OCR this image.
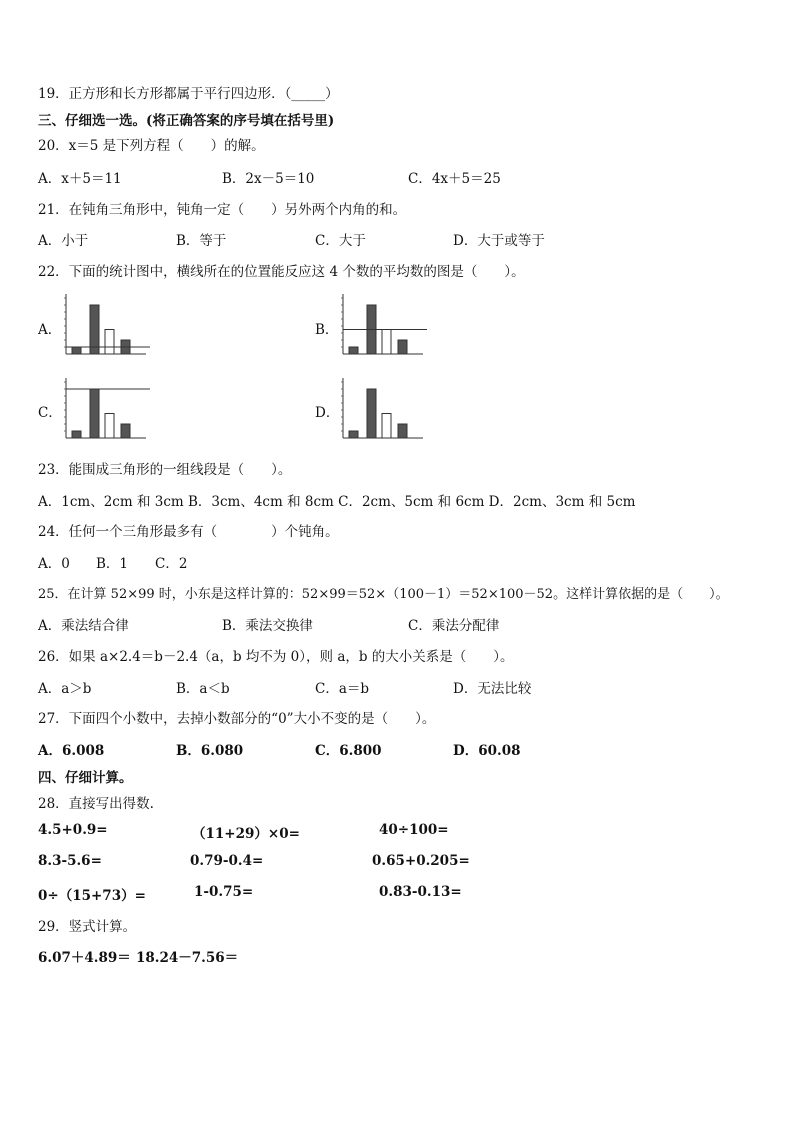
19．正方形和长方形都属于平行四边形．（_____）
三、仔细选一选。(将正确答案的序号填在括号里)
20．x＝5 是下列方程（　　）的解。
A．x＋5＝11	B．2x－5＝10	C．4x＋5＝25
21．在钝角三角形中，钝角一定（　　）另外两个内角的和。
A．小于	B．等于	C．大于	D．大于或等于
22．下面的统计图中，横线所在的位置能反应这 4 个数的平均数的图是（　　）。
A．	B．
C．	D．
23．能围成三角形的一组线段是（　　）。
A．1cm、2cm 和 3cm B．3cm、4cm 和 8cm C．2cm、5cm 和 6cm D．2cm、3cm 和 5cm
24．任何一个三角形最多有（　　　　）个钝角。
A．0 B．1 C．2
25．在计算 52×99 时，小东是这样计算的：52×99＝52×（100－1）＝52×100－52。这样计算依据的是（　　）。
A．乘法结合律	B．乘法交换律	C．乘法分配律
26．如果 a×2.4＝b－2.4（a，b 均不为 0），则 a，b 的大小关系是（　　）。
A．a＞b	B．a＜b	C．a＝b	D．无法比较
27．下面四个小数中，去掉小数部分的“0”大小不变的是（　　）。
A．6.008	B．6.080	C．6.800	D．60.08
四、仔细计算。
28．直接写出得数.
4.5+0.9=	（11+29）×0=	40÷100=
8.3-5.6=	0.79-0.4=	0.65+0.205=
0÷（15+73）=	1-0.75=	0.83-0.13=
29．竖式计算。
6.07＋4.89＝ 18.24－7.56＝
